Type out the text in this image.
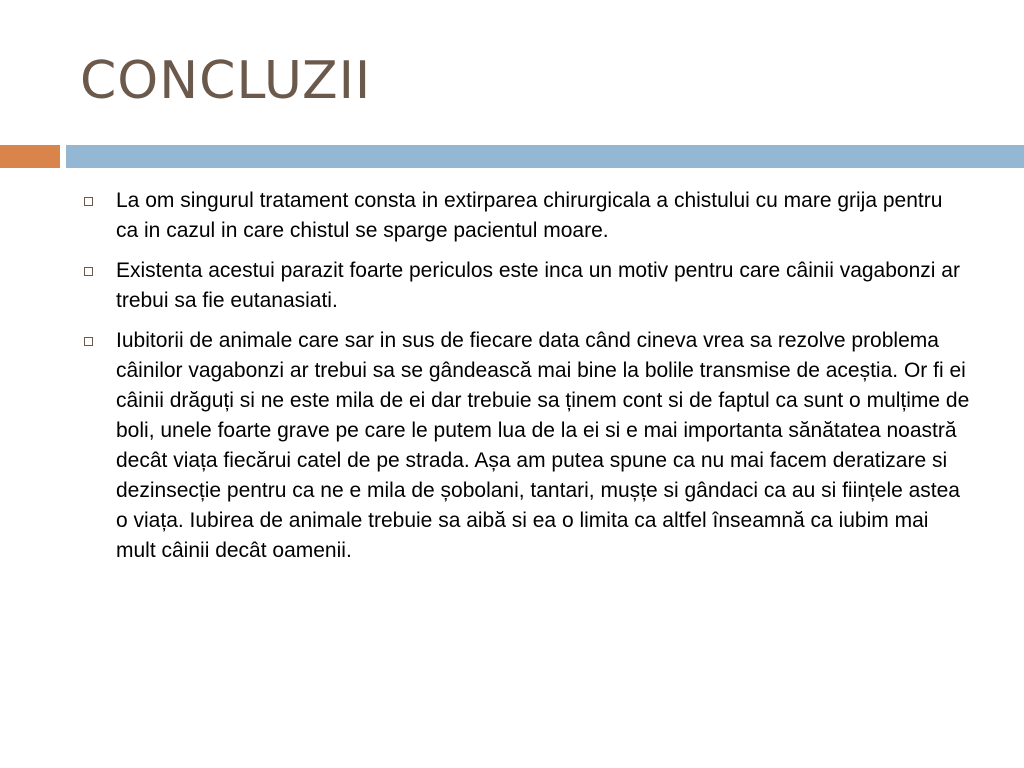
CONCLUZII
La om singurul tratament consta in extirparea chirurgicala a chistului cu mare grija pentru ca in cazul in care chistul se sparge pacientul moare.
Existenta acestui parazit foarte periculos este inca un motiv pentru care câinii vagabonzi ar trebui sa fie eutanasiati.
Iubitorii de animale care sar in sus de fiecare data când cineva vrea sa rezolve problema câinilor vagabonzi ar trebui sa se gândească mai bine la bolile transmise de aceștia. Or fi ei câinii drăguți si ne este mila de ei dar trebuie sa ținem cont si de faptul ca sunt o mulțime de boli, unele foarte grave pe care le putem lua de la ei si e mai importanta sănătatea noastră decât viața fiecărui catel de pe strada. Așa am putea spune ca nu mai facem deratizare si dezinsecție pentru ca ne e mila de șobolani, tantari, mușțe si gândaci ca au si ființele astea o viața. Iubirea de animale trebuie sa aibă si ea o limita ca altfel înseamnă ca iubim mai mult câinii decât oamenii.
